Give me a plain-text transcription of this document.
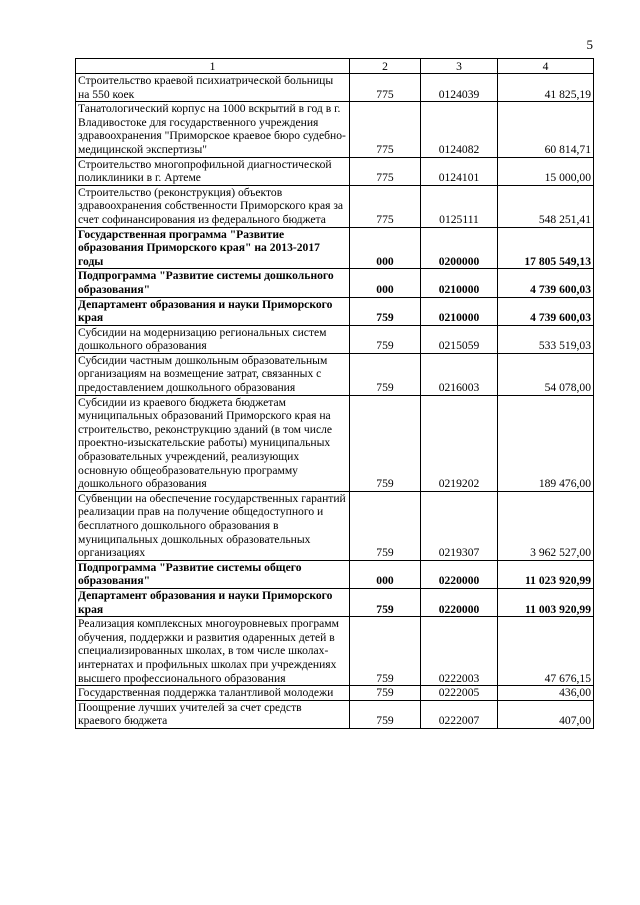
5
1	2	3	4
Строительство краевой психиатрической больницы на 550 коек	775	0124039	41 825,19
Танатологический корпус на 1000 вскрытий в год в г. Владивостоке для государственного учреждения здравоохранения "Приморское краевое бюро судебно-медицинской экспертизы"	775	0124082	60 814,71
Строительство многопрофильной диагностической поликлиники в г. Артеме	775	0124101	15 000,00
Строительство (реконструкция) объектов здравоохранения собственности Приморского края за счет софинансирования из федерального бюджета	775	0125111	548 251,41
Государственная программа "Развитие образования Приморского края" на 2013-2017 годы	000	0200000	17 805 549,13
Подпрограмма "Развитие системы дошкольного образования"	000	0210000	4 739 600,03
Департамент образования и науки Приморского края	759	0210000	4 739 600,03
Субсидии на модернизацию региональных систем дошкольного образования	759	0215059	533 519,03
Субсидии частным дошкольным образовательным организациям на возмещение затрат, связанных с предоставлением дошкольного образования	759	0216003	54 078,00
Субсидии из краевого бюджета бюджетам муниципальных образований Приморского края на строительство, реконструкцию зданий (в том числе проектно-изыскательские работы) муниципальных образовательных учреждений, реализующих основную общеобразовательную программу дошкольного образования	759	0219202	189 476,00
Субвенции на обеспечение государственных гарантий реализации прав на получение общедоступного и бесплатного дошкольного образования в муниципальных дошкольных образовательных организациях	759	0219307	3 962 527,00
Подпрограмма "Развитие системы общего образования"	000	0220000	11 023 920,99
Департамент образования и науки Приморского края	759	0220000	11 003 920,99
Реализация комплексных многоуровневых программ обучения, поддержки и развития одаренных детей в специализированных школах, в том числе школах-интернатах и профильных школах при учреждениях высшего профессионального образования	759	0222003	47 676,15
Государственная поддержка талантливой молодежи	759	0222005	436,00
Поощрение лучших учителей за счет средств краевого бюджета	759	0222007	407,00
